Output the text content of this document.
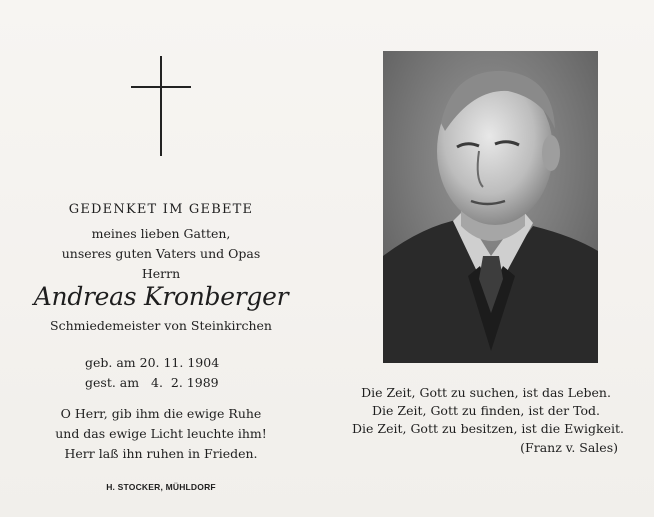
GEDENKET IM GEBETE
meines lieben Gatten,
unseres guten Vaters und Opas
Herrn
Andreas Kronberger
Schmiedemeister von Steinkirchen
geb. am 20. 11. 1904
gest. am   4.  2. 1989
O Herr, gib ihm die ewige Ruhe
und das ewige Licht leuchte ihm!
Herr laß ihn ruhen in Frieden.
H. STOCKER, MÜHLDORF
Die Zeit, Gott zu suchen, ist das Leben.
Die Zeit, Gott zu finden, ist der Tod.
Die Zeit, Gott zu besitzen, ist die Ewigkeit.
(Franz v. Sales)
